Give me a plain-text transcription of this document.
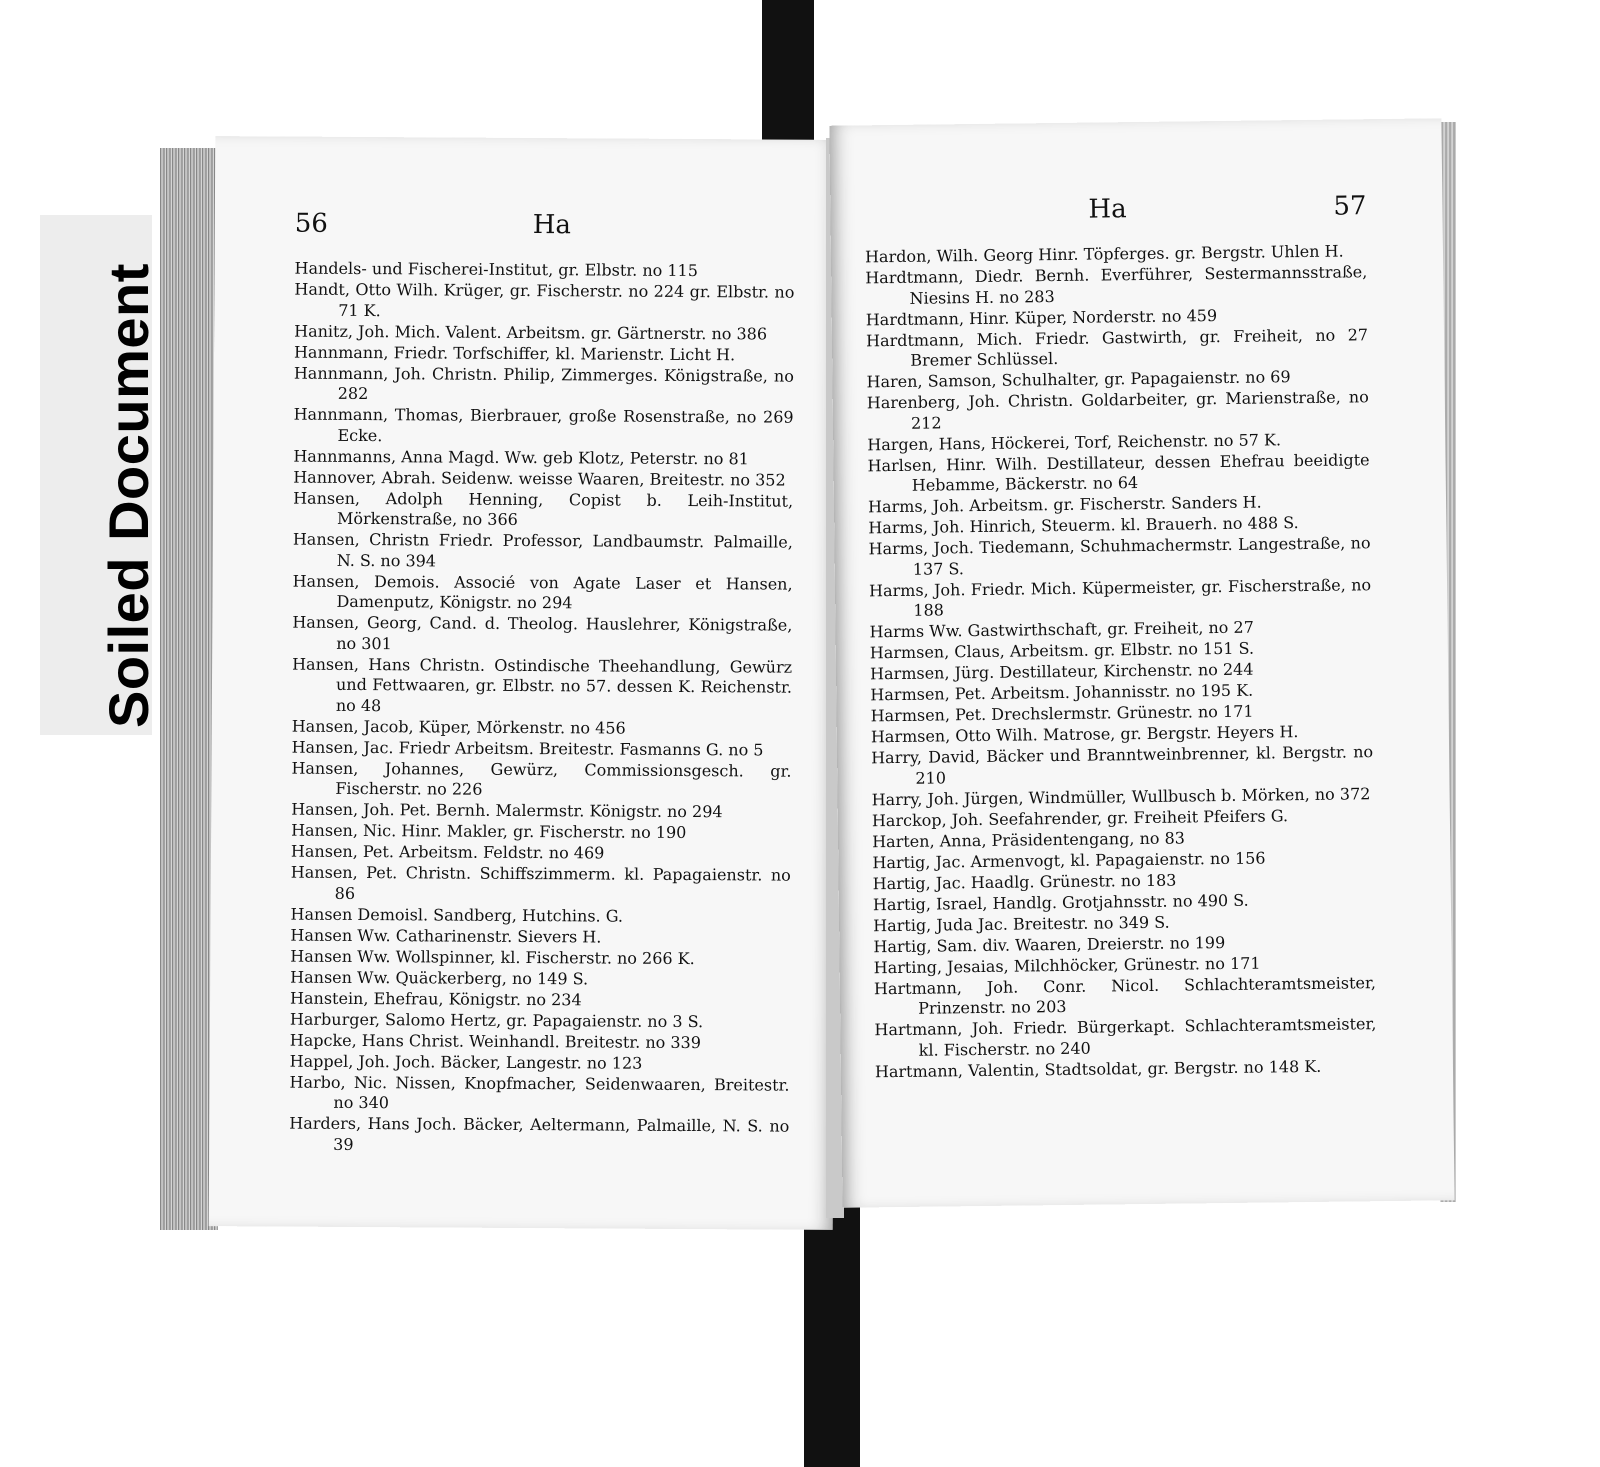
Soiled Document
56	Ha
Handels- und Fischerei-Institut, gr. Elbstr. no 115
Handt, Otto Wilh. Krüger, gr. Fischerstr. no 224 gr. Elbstr. no 71 K.
Hanitz, Joh. Mich. Valent. Arbeitsm. gr. Gärtnerstr. no 386
Hannmann, Friedr. Torfschiffer, kl. Marienstr. Licht H.
Hannmann, Joh. Christn. Philip, Zimmerges. Königstraße, no 282
Hannmann, Thomas, Bierbrauer, große Rosenstraße, no 269 Ecke.
Hannmanns, Anna Magd. Ww. geb Klotz, Peterstr. no 81
Hannover, Abrah. Seidenw. weisse Waaren, Breitestr. no 352
Hansen, Adolph Henning, Copist b. Leih-Institut, Mörkenstraße, no 366
Hansen, Christn Friedr. Professor, Landbaumstr. Palmaille, N. S. no 394
Hansen, Demois. Associé von Agate Laser et Hansen, Damenputz, Königstr. no 294
Hansen, Georg, Cand. d. Theolog. Hauslehrer, Königstraße, no 301
Hansen, Hans Christn. Ostindische Theehandlung, Gewürz und Fettwaaren, gr. Elbstr. no 57. dessen K. Reichenstr. no 48
Hansen, Jacob, Küper, Mörkenstr. no 456
Hansen, Jac. Friedr Arbeitsm. Breitestr. Fasmanns G. no 5
Hansen, Johannes, Gewürz, Commissionsgesch. gr. Fischerstr. no 226
Hansen, Joh. Pet. Bernh. Malermstr. Königstr. no 294
Hansen, Nic. Hinr. Makler, gr. Fischerstr. no 190
Hansen, Pet. Arbeitsm. Feldstr. no 469
Hansen, Pet. Christn. Schiffszimmerm. kl. Papagaienstr. no 86
Hansen Demoisl. Sandberg, Hutchins. G.
Hansen Ww. Catharinenstr. Sievers H.
Hansen Ww. Wollspinner, kl. Fischerstr. no 266 K.
Hansen Ww. Quäckerberg, no 149 S.
Hanstein, Ehefrau, Königstr. no 234
Harburger, Salomo Hertz, gr. Papagaienstr. no 3 S.
Hapcke, Hans Christ. Weinhandl. Breitestr. no 339
Happel, Joh. Joch. Bäcker, Langestr. no 123
Harbo, Nic. Nissen, Knopfmacher, Seidenwaaren, Breitestr. no 340
Harders, Hans Joch. Bäcker, Aeltermann, Palmaille, N. S. no 39
Ha	57
Hardon, Wilh. Georg Hinr. Töpferges. gr. Bergstr. Uhlen H.
Hardtmann, Diedr. Bernh. Everführer, Sestermannsstraße, Niesins H. no 283
Hardtmann, Hinr. Küper, Norderstr. no 459
Hardtmann, Mich. Friedr. Gastwirth, gr. Freiheit, no 27 Bremer Schlüssel.
Haren, Samson, Schulhalter, gr. Papagaienstr. no 69
Harenberg, Joh. Christn. Goldarbeiter, gr. Marienstraße, no 212
Hargen, Hans, Höckerei, Torf, Reichenstr. no 57 K.
Harlsen, Hinr. Wilh. Destillateur, dessen Ehefrau beeidigte Hebamme, Bäckerstr. no 64
Harms, Joh. Arbeitsm. gr. Fischerstr. Sanders H.
Harms, Joh. Hinrich, Steuerm. kl. Brauerh. no 488 S.
Harms, Joch. Tiedemann, Schuhmachermstr. Langestraße, no 137 S.
Harms, Joh. Friedr. Mich. Küpermeister, gr. Fischerstraße, no 188
Harms Ww. Gastwirthschaft, gr. Freiheit, no 27
Harmsen, Claus, Arbeitsm. gr. Elbstr. no 151 S.
Harmsen, Jürg. Destillateur, Kirchenstr. no 244
Harmsen, Pet. Arbeitsm. Johannisstr. no 195 K.
Harmsen, Pet. Drechslermstr. Grünestr. no 171
Harmsen, Otto Wilh. Matrose, gr. Bergstr. Heyers H.
Harry, David, Bäcker und Branntweinbrenner, kl. Bergstr. no 210
Harry, Joh. Jürgen, Windmüller, Wullbusch b. Mörken, no 372
Harckop, Joh. Seefahrender, gr. Freiheit Pfeifers G.
Harten, Anna, Präsidentengang, no 83
Hartig, Jac. Armenvogt, kl. Papagaienstr. no 156
Hartig, Jac. Haadlg. Grünestr. no 183
Hartig, Israel, Handlg. Grotjahnsstr. no 490 S.
Hartig, Juda Jac. Breitestr. no 349 S.
Hartig, Sam. div. Waaren, Dreierstr. no 199
Harting, Jesaias, Milchhöcker, Grünestr. no 171
Hartmann, Joh. Conr. Nicol. Schlachteramtsmeister, Prinzenstr. no 203
Hartmann, Joh. Friedr. Bürgerkapt. Schlachteramtsmeister, kl. Fischerstr. no 240
Hartmann, Valentin, Stadtsoldat, gr. Bergstr. no 148 K.
